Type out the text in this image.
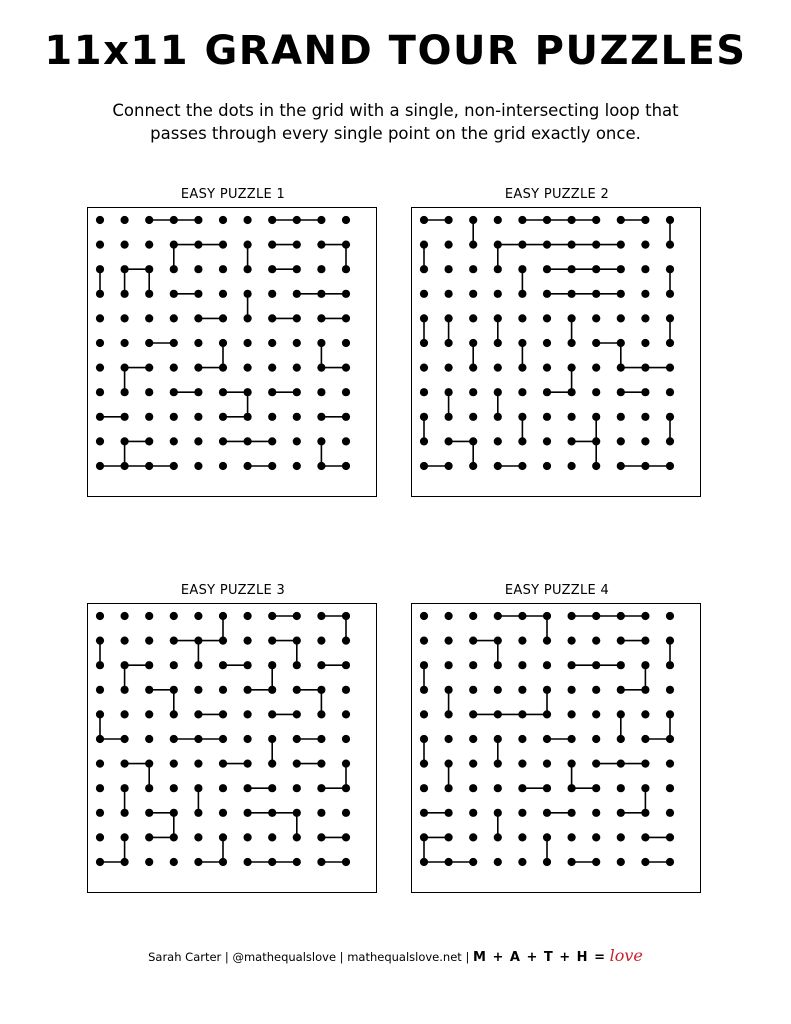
11x11 GRAND TOUR PUZZLES
Connect the dots in the grid with a single, non-intersecting loop that
passes through every single point on the grid exactly once.
EASY PUZZLE 1	EASY PUZZLE 2
EASY PUZZLE 3	EASY PUZZLE 4
Sarah Carter | @mathequalslove | mathequalslove.net | M + A + T + H = love
